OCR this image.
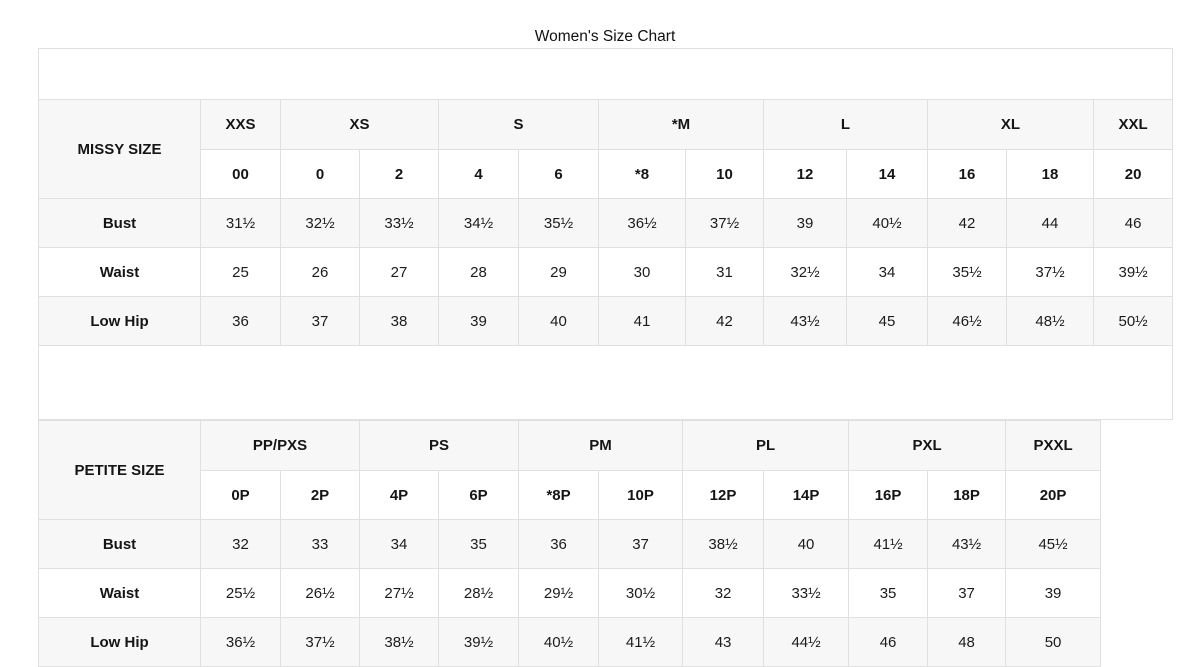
Women's Size Chart

MISSY SIZE	XXS	XS		S		*M		L		XL		XXL
	00	0	2	4	6	*8	10	12	14	16	18	20
Bust	31½	32½	33½	34½	35½	36½	37½	39	40½	42	44	46
Waist	25	26	27	28	29	30	31	32½	34	35½	37½	39½
Low Hip	36	37	38	39	40	41	42	43½	45	46½	48½	50½

PETITE SIZE	PP/PXS		PS		PM		PL		PXL		PXXL
	0P	2P	4P	6P	*8P	10P	12P	14P	16P	18P	20P
Bust	32	33	34	35	36	37	38½	40	41½	43½	45½
Waist	25½	26½	27½	28½	29½	30½	32	33½	35	37	39
Low Hip	36½	37½	38½	39½	40½	41½	43	44½	46	48	50
